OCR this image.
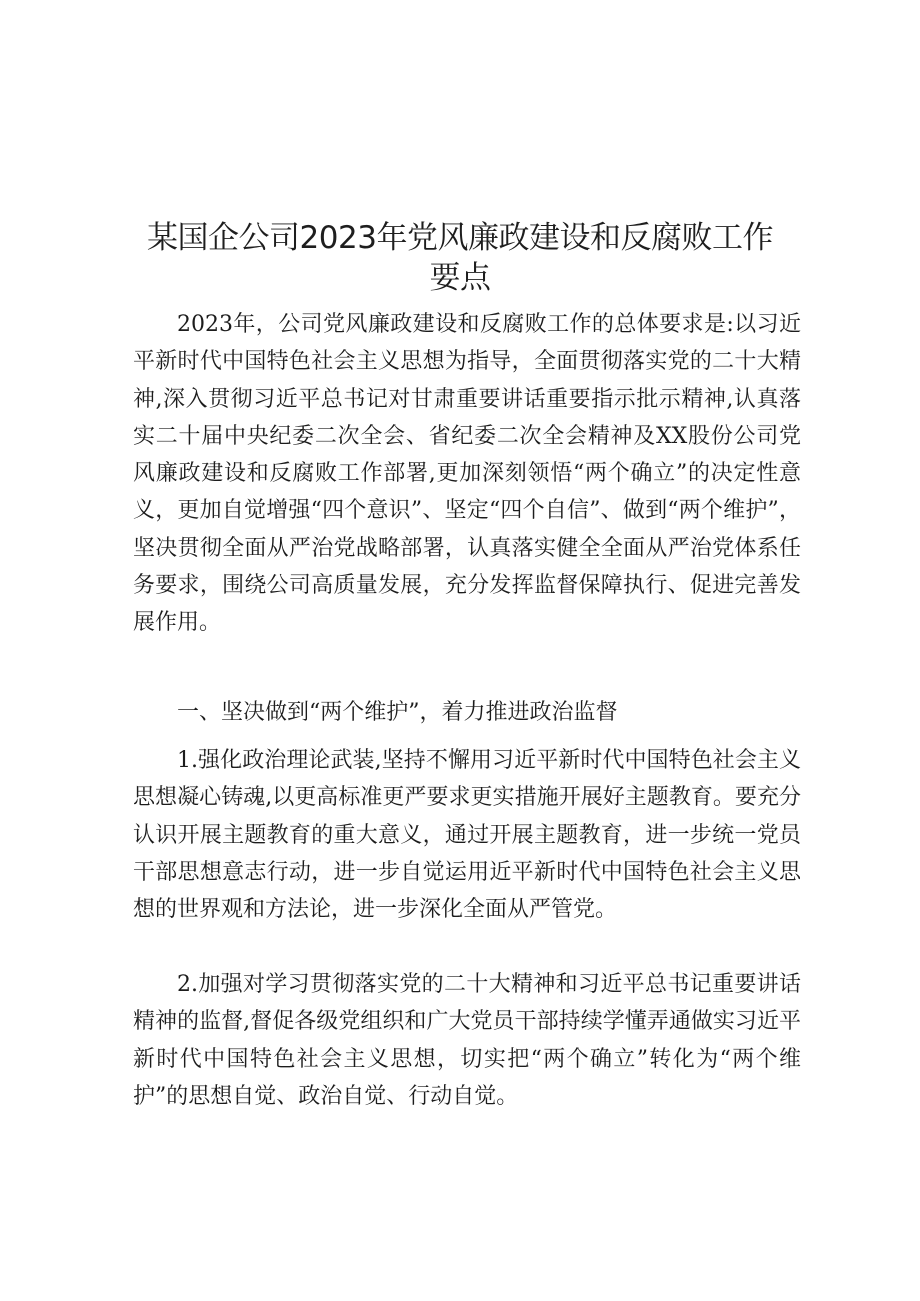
某国企公司2023年党风廉政建设和反腐败工作
要点

2023年，公司党风廉政建设和反腐败工作的总体要求是:以习近平新时代中国特色社会主义思想为指导，全面贯彻落实党的二十大精神,深入贯彻习近平总书记对甘肃重要讲话重要指示批示精神,认真落实二十届中央纪委二次全会、省纪委二次全会精神及XX股份公司党风廉政建设和反腐败工作部署,更加深刻领悟“两个确立”的决定性意义，更加自觉增强“四个意识”、坚定“四个自信”、做到“两个维护”，坚决贯彻全面从严治党战略部署，认真落实健全全面从严治党体系任务要求，围绕公司高质量发展，充分发挥监督保障执行、促进完善发展作用。

一、坚决做到“两个维护”，着力推进政治监督

1.强化政治理论武装,坚持不懈用习近平新时代中国特色社会主义思想凝心铸魂,以更高标准更严要求更实措施开展好主题教育。要充分认识开展主题教育的重大意义，通过开展主题教育，进一步统一党员干部思想意志行动，进一步自觉运用近平新时代中国特色社会主义思想的世界观和方法论，进一步深化全面从严管党。

2.加强对学习贯彻落实党的二十大精神和习近平总书记重要讲话精神的监督,督促各级党组织和广大党员干部持续学懂弄通做实习近平新时代中国特色社会主义思想，切实把“两个确立”转化为“两个维护”的思想自觉、政治自觉、行动自觉。
